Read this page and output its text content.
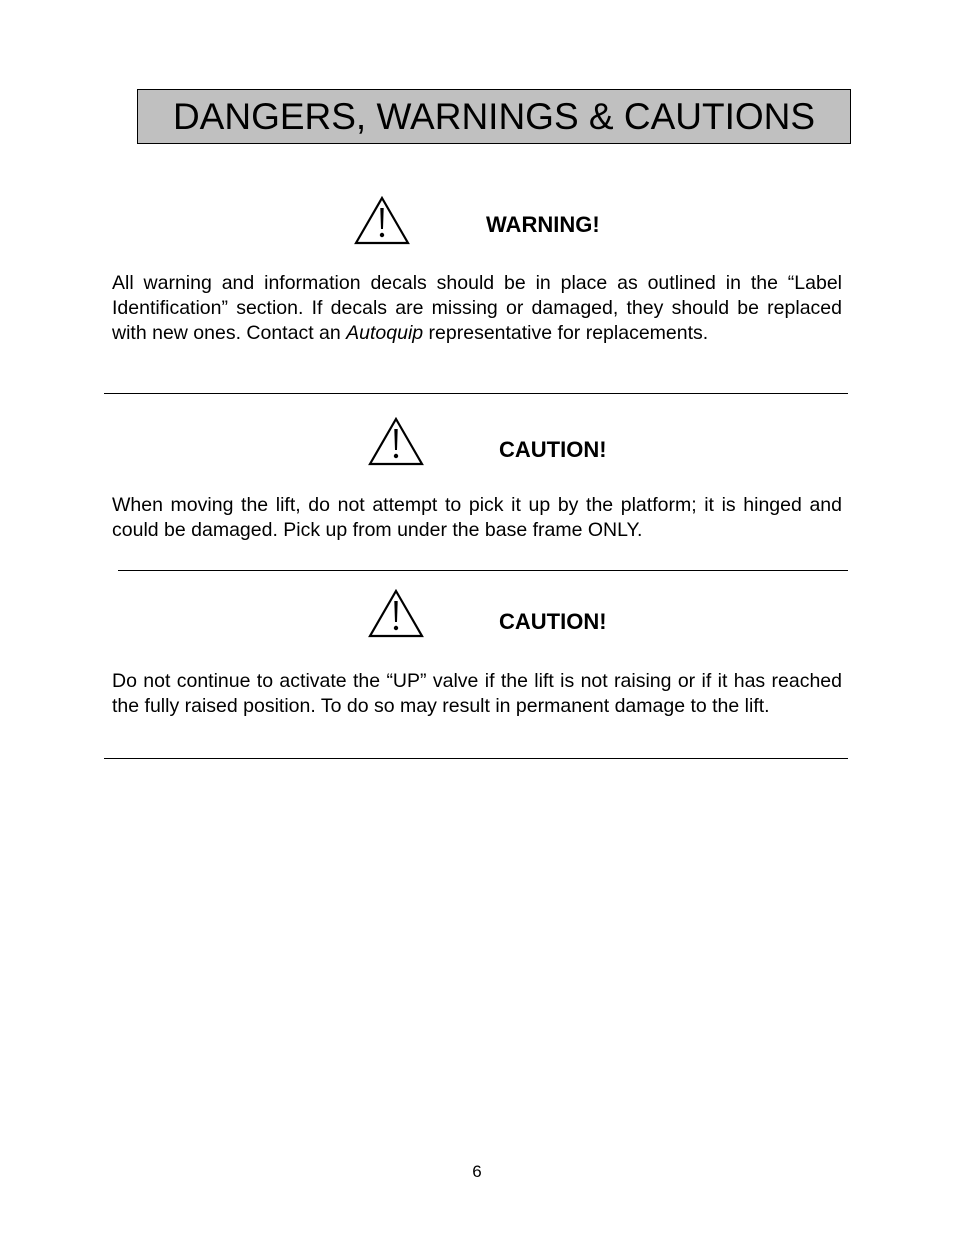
DANGERS, WARNINGS & CAUTIONS
WARNING!

All warning and information decals should be in place as outlined in the “Label Identification” section. If decals are missing or damaged, they should be replaced with new ones. Contact an Autoquip representative for replacements.

CAUTION!

When moving the lift, do not attempt to pick it up by the platform; it is hinged and could be damaged. Pick up from under the base frame ONLY.

CAUTION!

Do not continue to activate the “UP” valve if the lift is not raising or if it has reached the fully raised position. To do so may result in permanent damage to the lift.

6
